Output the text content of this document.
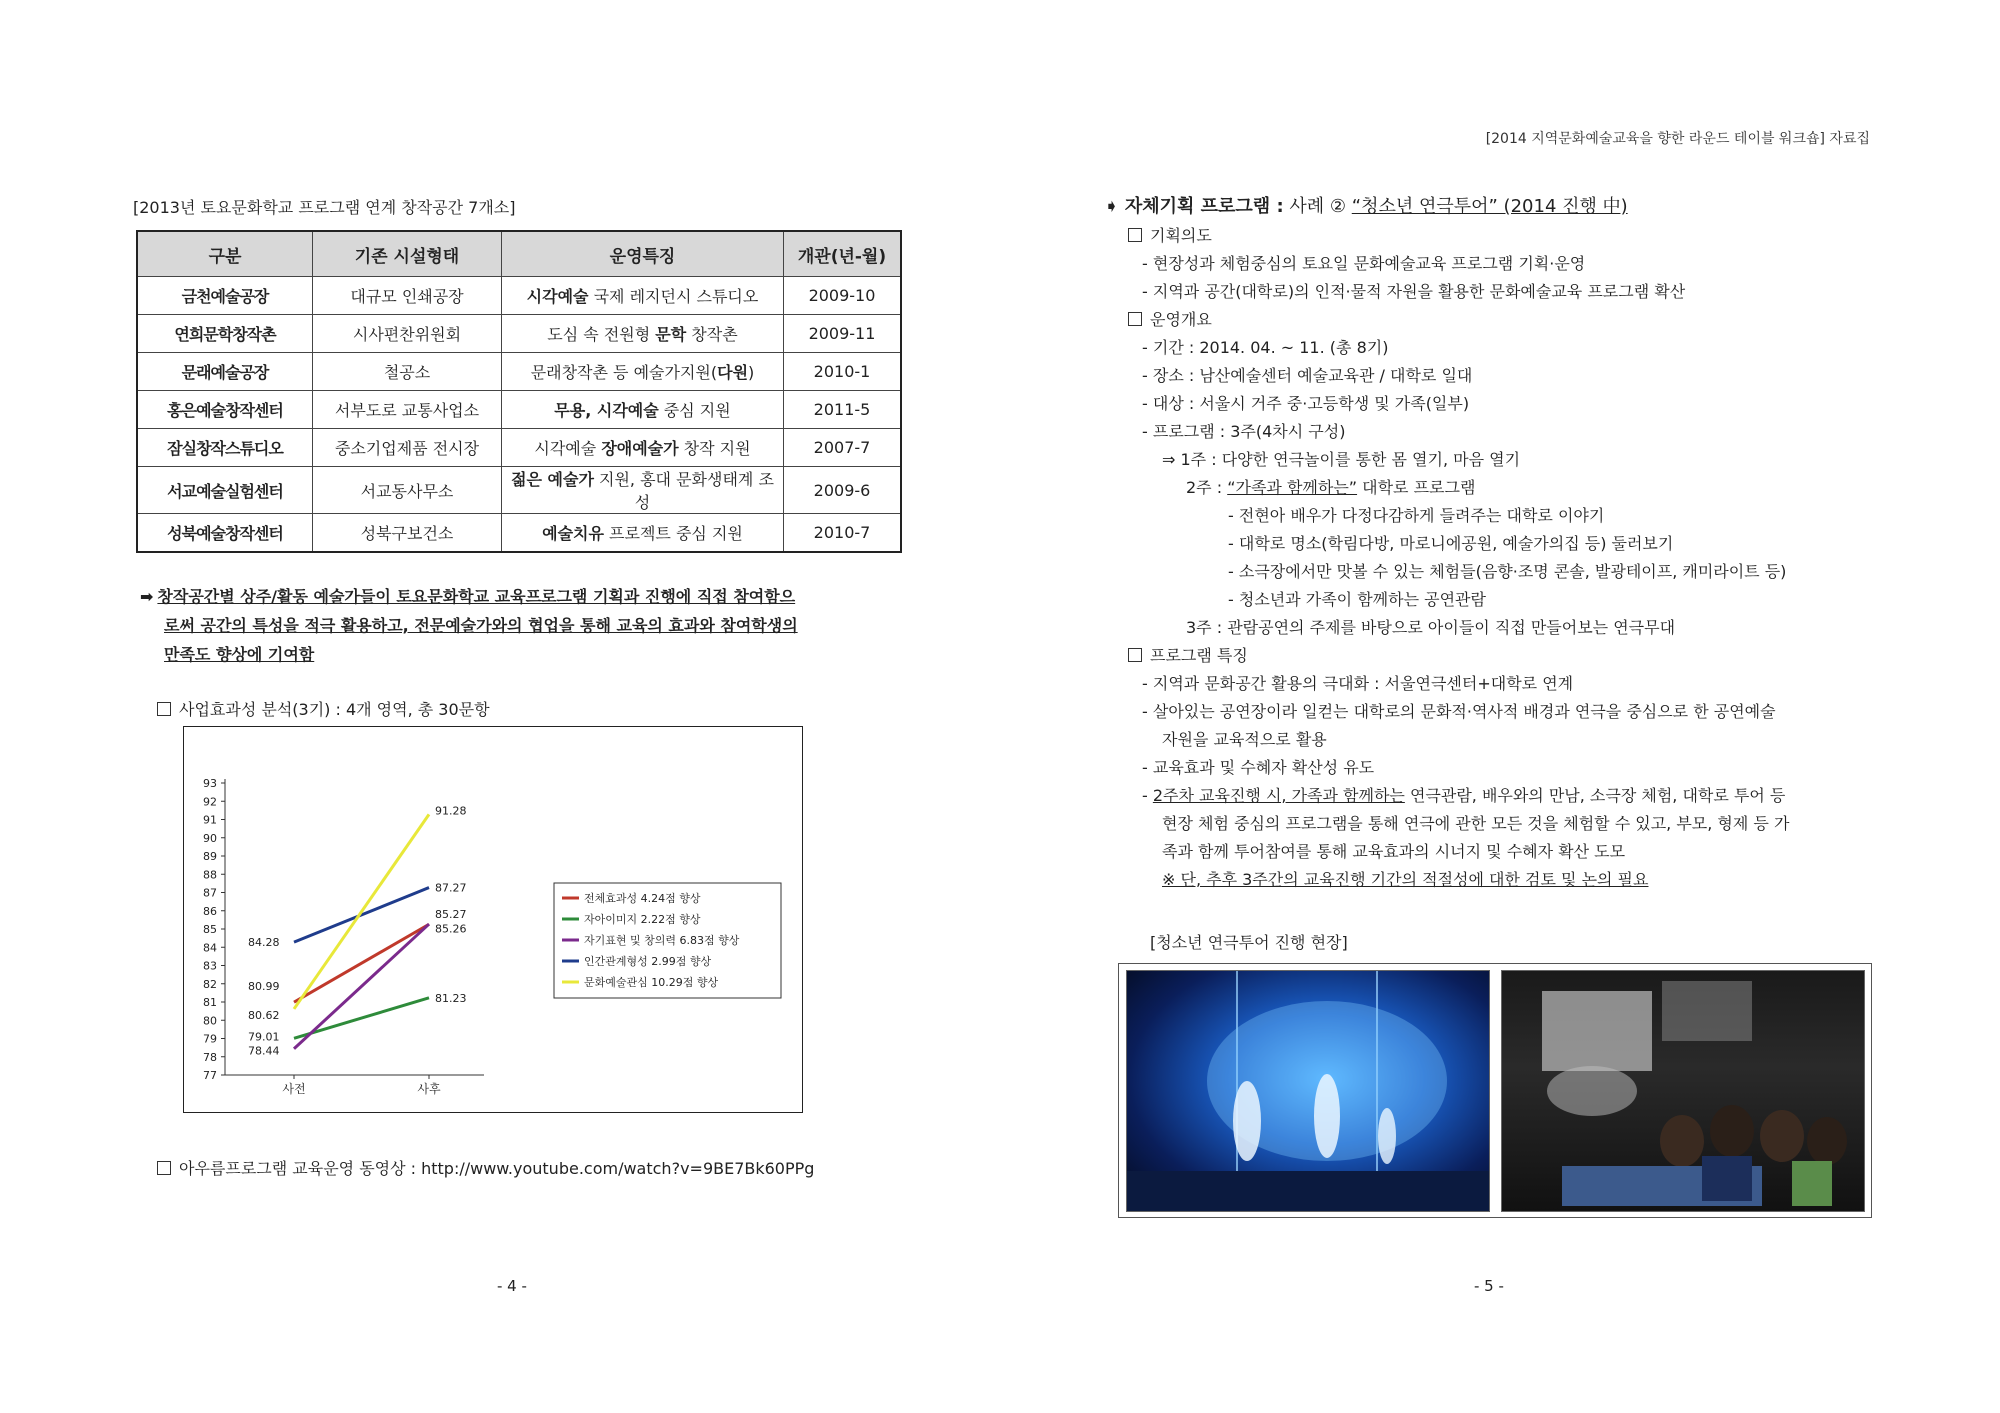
[2014 지역문화예술교육을 향한 라운드 테이블 워크숍] 자료집
[2013년 토요문화학교 프로그램 연계 창작공간 7개소]
구분	기존 시설형태	운영특징	개관(년-월)
금천예술공장	대규모 인쇄공장	시각예술 국제 레지던시 스튜디오	2009-10
연희문학창작촌	시사편찬위원회	도심 속 전원형 문학 창작촌	2009-11
문래예술공장	철공소	문래창작촌 등 예술가지원(다원)	2010-1
홍은예술창작센터	서부도로 교통사업소	무용, 시각예술 중심 지원	2011-5
잠실창작스튜디오	중소기업제품 전시장	시각예술 장애예술가 창작 지원	2007-7
서교예술실험센터	서교동사무소	젊은 예술가 지원, 홍대 문화생태계 조성	2009-6
성북예술창작센터	성북구보건소	예술치유 프로젝트 중심 지원	2010-7
➡ 창작공간별 상주/활동 예술가들이 토요문화학교 교육프로그램 기획과 진행에 직접 참여함으
로써 공간의 특성을 적극 활용하고, 전문예술가와의 협업을 통해 교육의 효과와 참여학생의
만족도 향상에 기여함
사업효과성 분석(3기) : 4개 영역, 총 30문항
77
78
79
80
81
82
83
84
85
86
87
88
89
90
91
92
93
사전	사후
80.99
85.26
79.01
81.23
78.44
85.27
84.28
87.27
80.62
91.28
전체효과성 4.24점 향상
자아이미지 2.22점 향상
자기표현 및 창의력 6.83점 향상
인간관계형성 2.99점 향상
문화예술관심 10.29점 향상
아우름프로그램 교육운영 동영상 : http://www.youtube.com/watch?v=9BE7Bk60PPg
- 4 -
➧ 자체기획 프로그램 : 사례 ② “청소년 연극투어” (2014 진행 中)
기획의도
- 현장성과 체험중심의 토요일 문화예술교육 프로그램 기획·운영
- 지역과 공간(대학로)의 인적·물적 자원을 활용한 문화예술교육 프로그램 확산
운영개요
- 기간 : 2014. 04. ~ 11. (총 8기)
- 장소 : 남산예술센터 예술교육관 / 대학로 일대
- 대상 : 서울시 거주 중·고등학생 및 가족(일부)
- 프로그램 : 3주(4차시 구성)
⇒ 1주 : 다양한 연극놀이를 통한 몸 열기, 마음 열기
2주 : “가족과 함께하는” 대학로 프로그램
- 전현아 배우가 다정다감하게 들려주는 대학로 이야기
- 대학로 명소(학림다방, 마로니에공원, 예술가의집 등) 둘러보기
- 소극장에서만 맛볼 수 있는 체험들(음향·조명 콘솔, 발광테이프, 캐미라이트 등)
- 청소년과 가족이 함께하는 공연관람
3주 : 관람공연의 주제를 바탕으로 아이들이 직접 만들어보는 연극무대
프로그램 특징
- 지역과 문화공간 활용의 극대화 : 서울연극센터+대학로 연계
- 살아있는 공연장이라 일컫는 대학로의 문화적·역사적 배경과 연극을 중심으로 한 공연예술
자원을 교육적으로 활용
- 교육효과 및 수혜자 확산성 유도
- 2주차 교육진행 시, 가족과 함께하는 연극관람, 배우와의 만남, 소극장 체험, 대학로 투어 등
현장 체험 중심의 프로그램을 통해 연극에 관한 모든 것을 체험할 수 있고, 부모, 형제 등 가
족과 함께 투어참여를 통해 교육효과의 시너지 및 수혜자 확산 도모
※ 단, 추후 3주간의 교육진행 기간의 적절성에 대한 검토 및 논의 필요
[청소년 연극투어 진행 현장]
- 5 -
